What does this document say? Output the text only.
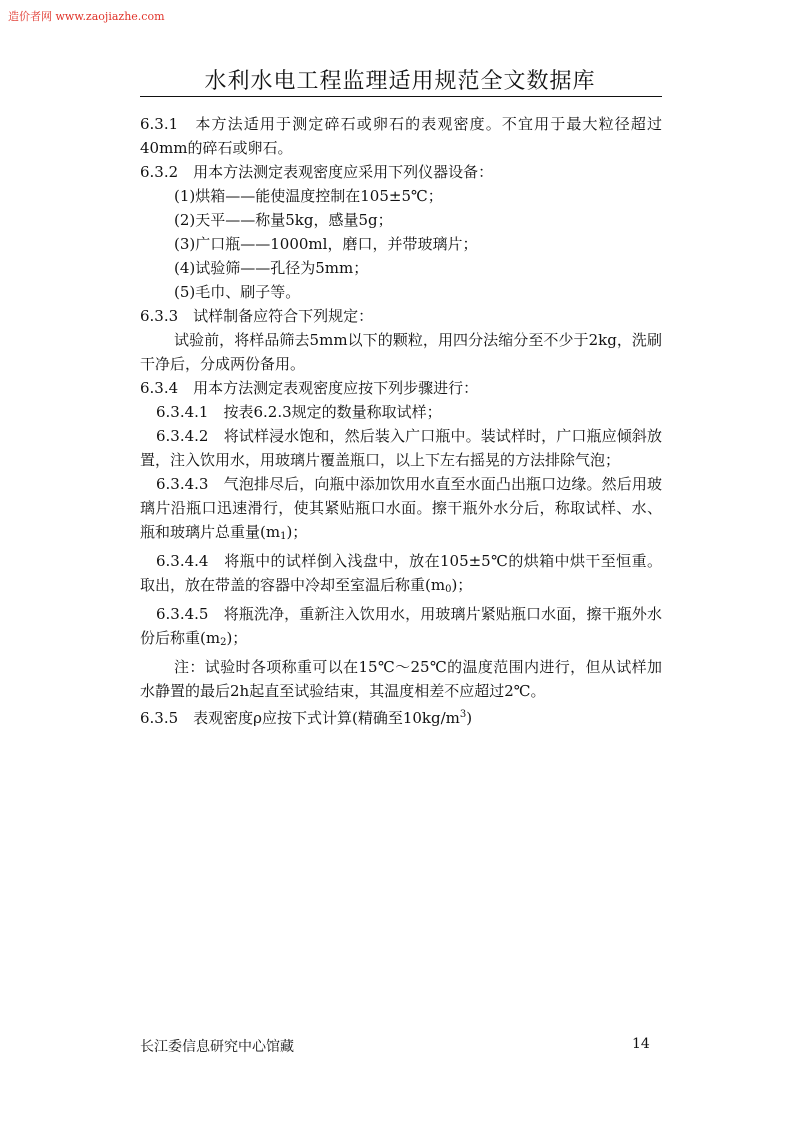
造价者网 www.zaojiazhe.com
水利水电工程监理适用规范全文数据库

6.3.1　本方法适用于测定碎石或卵石的表观密度。不宜用于最大粒径超过40mm的碎石或卵石。

6.3.2　用本方法测定表观密度应采用下列仪器设备：

(1)烘箱——能使温度控制在105±5℃；

(2)天平——称量5kg，感量5g；

(3)广口瓶——1000ml，磨口，并带玻璃片；

(4)试验筛——孔径为5mm；

(5)毛巾、刷子等。

6.3.3　试样制备应符合下列规定：

试验前，将样品筛去5mm以下的颗粒，用四分法缩分至不少于2kg，洗刷干净后，分成两份备用。

6.3.4　用本方法测定表观密度应按下列步骤进行：

6.3.4.1　按表6.2.3规定的数量称取试样；

6.3.4.2　将试样浸水饱和，然后装入广口瓶中。装试样时，广口瓶应倾斜放置，注入饮用水，用玻璃片覆盖瓶口，以上下左右摇晃的方法排除气泡；

6.3.4.3　气泡排尽后，向瓶中添加饮用水直至水面凸出瓶口边缘。然后用玻璃片沿瓶口迅速滑行，使其紧贴瓶口水面。擦干瓶外水分后，称取试样、水、瓶和玻璃片总重量$(m_1)$；

6.3.4.4　将瓶中的试样倒入浅盘中，放在105±5℃的烘箱中烘干至恒重。取出，放在带盖的容器中冷却至室温后称重$(m_0)$；

6.3.4.5　将瓶洗净，重新注入饮用水，用玻璃片紧贴瓶口水面，擦干瓶外水份后称重$(m_2)$；

注：试验时各项称重可以在15℃～25℃的温度范围内进行，但从试样加水静置的最后2h起直至试验结束，其温度相差不应超过2℃。

6.3.5　表观密度ρ应按下式计算(精确至$10kg/m^3$)

长江委信息研究中心馆藏	14
